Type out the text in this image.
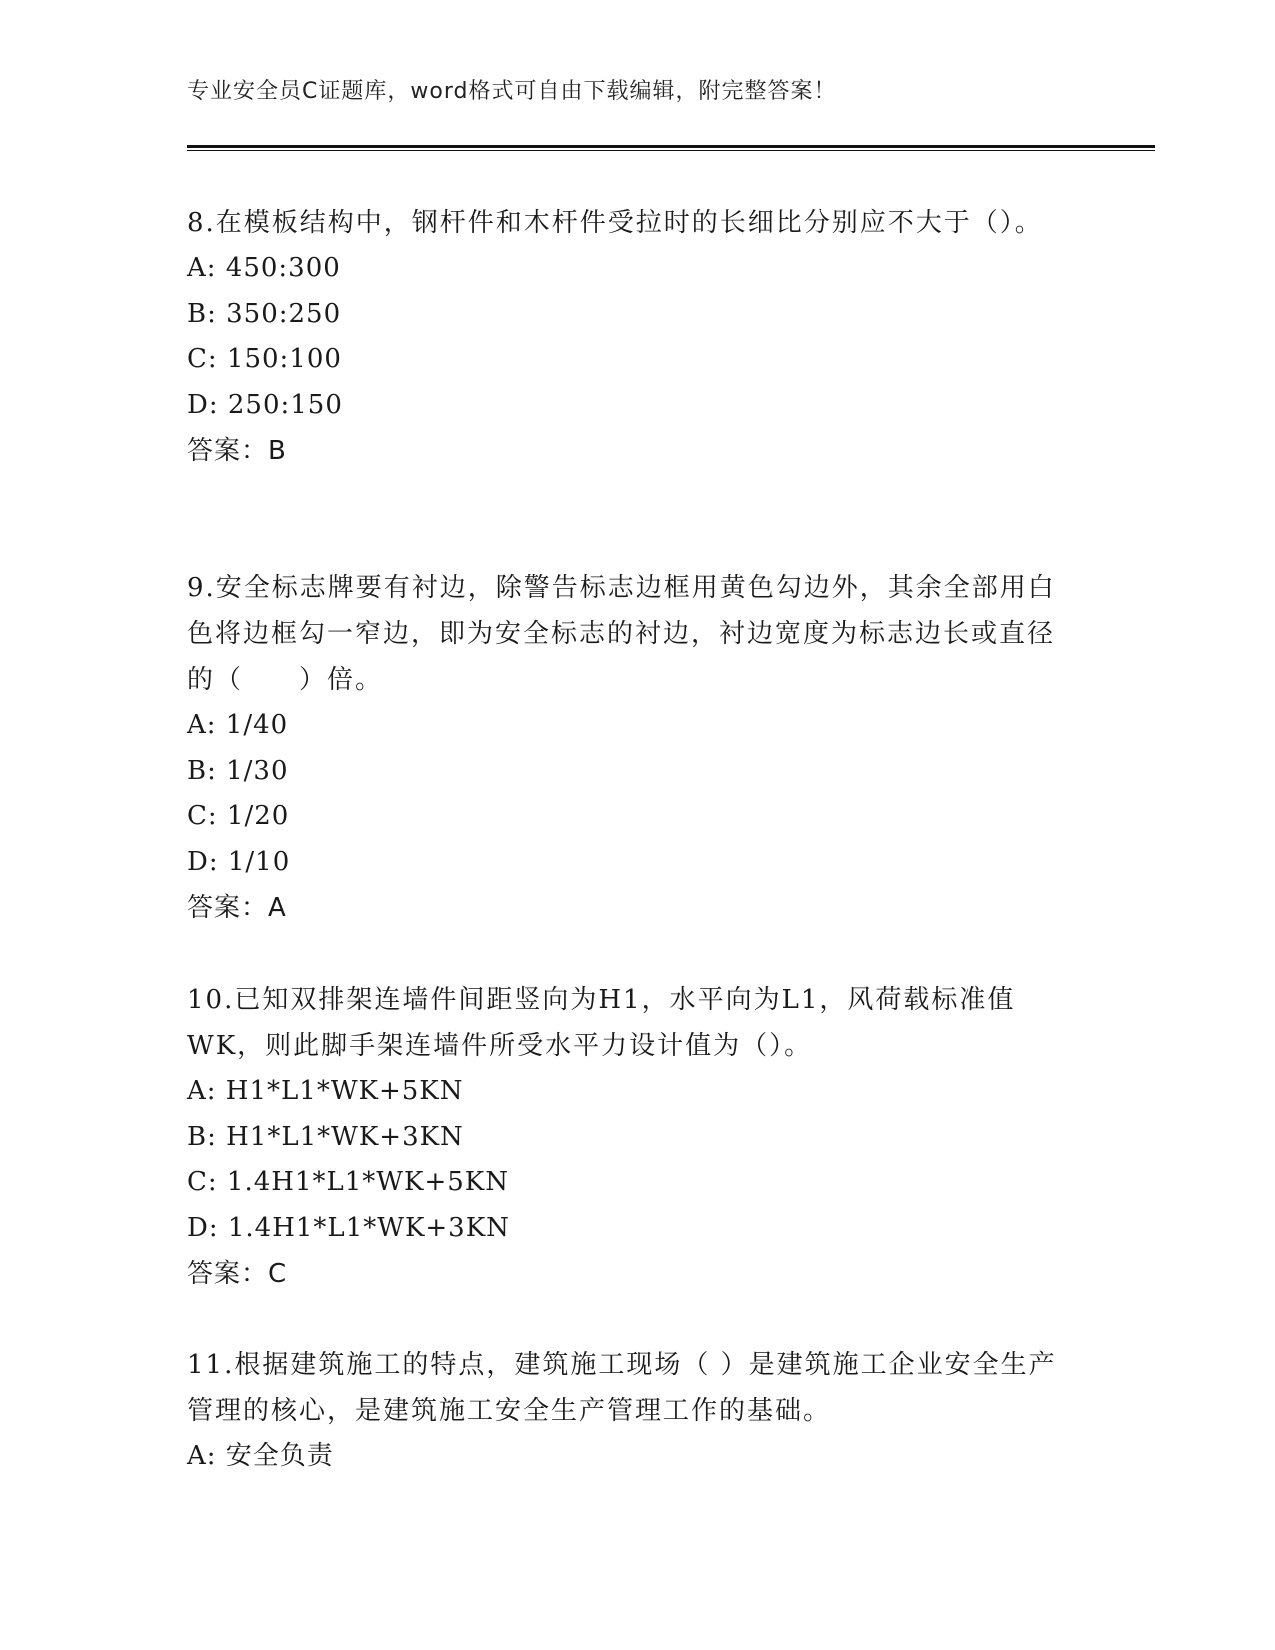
专业安全员C证题库，word格式可自由下载编辑，附完整答案！

8.在模板结构中，钢杆件和木杆件受拉时的长细比分别应不大于（）。

A: 450:300

B: 350:250

C: 150:100

D: 250:150

答案：B

9.安全标志牌要有衬边，除警告标志边框用黄色勾边外，其余全部用白色将边框勾一窄边，即为安全标志的衬边，衬边宽度为标志边长或直径的（　　）倍。

A: 1/40

B: 1/30

C: 1/20

D: 1/10

答案：A

10.已知双排架连墙件间距竖向为H1，水平向为L1，风荷载标准值WK，则此脚手架连墙件所受水平力设计值为（）。

A: H1*L1*WK+5KN

B: H1*L1*WK+3KN

C: 1.4H1*L1*WK+5KN

D: 1.4H1*L1*WK+3KN

答案：C

11.根据建筑施工的特点，建筑施工现场（ ）是建筑施工企业安全生产管理的核心，是建筑施工安全生产管理工作的基础。

A: 安全负责
